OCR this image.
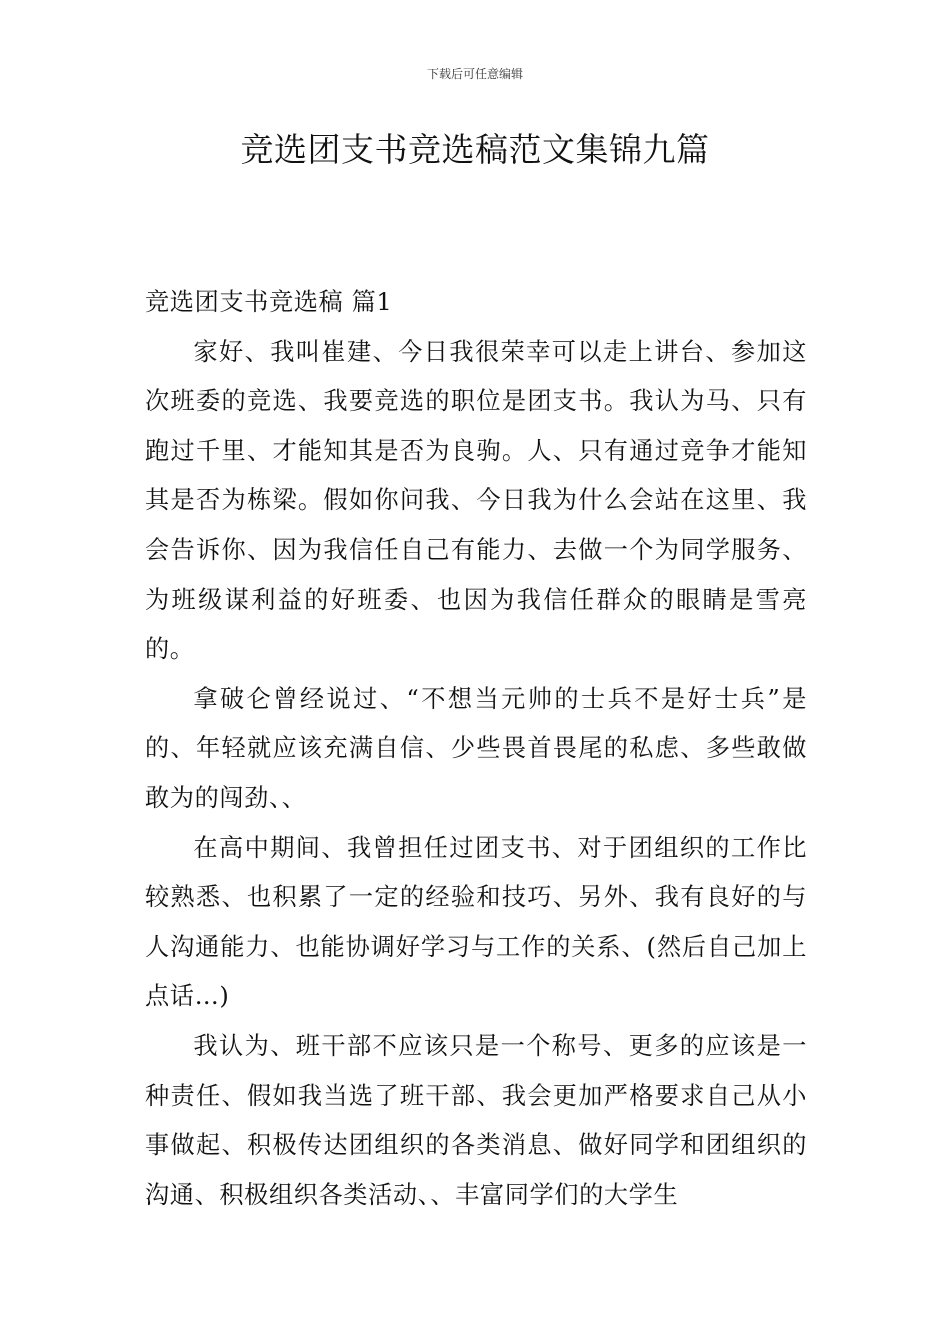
下载后可任意编辑
竞选团支书竞选稿范文集锦九篇
竞选团支书竞选稿 篇1

家好、我叫崔建、今日我很荣幸可以走上讲台、参加这次班委的竞选、我要竞选的职位是团支书。我认为马、只有跑过千里、才能知其是否为良驹。人、只有通过竞争才能知其是否为栋梁。假如你问我、今日我为什么会站在这里、我会告诉你、因为我信任自己有能力、去做一个为同学服务、为班级谋利益的好班委、也因为我信任群众的眼睛是雪亮的。

拿破仑曾经说过、“不想当元帅的士兵不是好士兵”是的、年轻就应该充满自信、少些畏首畏尾的私虑、多些敢做敢为的闯劲、、

在高中期间、我曾担任过团支书、对于团组织的工作比较熟悉、也积累了一定的经验和技巧、另外、我有良好的与人沟通能力、也能协调好学习与工作的关系、(然后自己加上点话…)

我认为、班干部不应该只是一个称号、更多的应该是一种责任、假如我当选了班干部、我会更加严格要求自己从小事做起、积极传达团组织的各类消息、做好同学和团组织的沟通、积极组织各类活动、、丰富同学们的大学生
